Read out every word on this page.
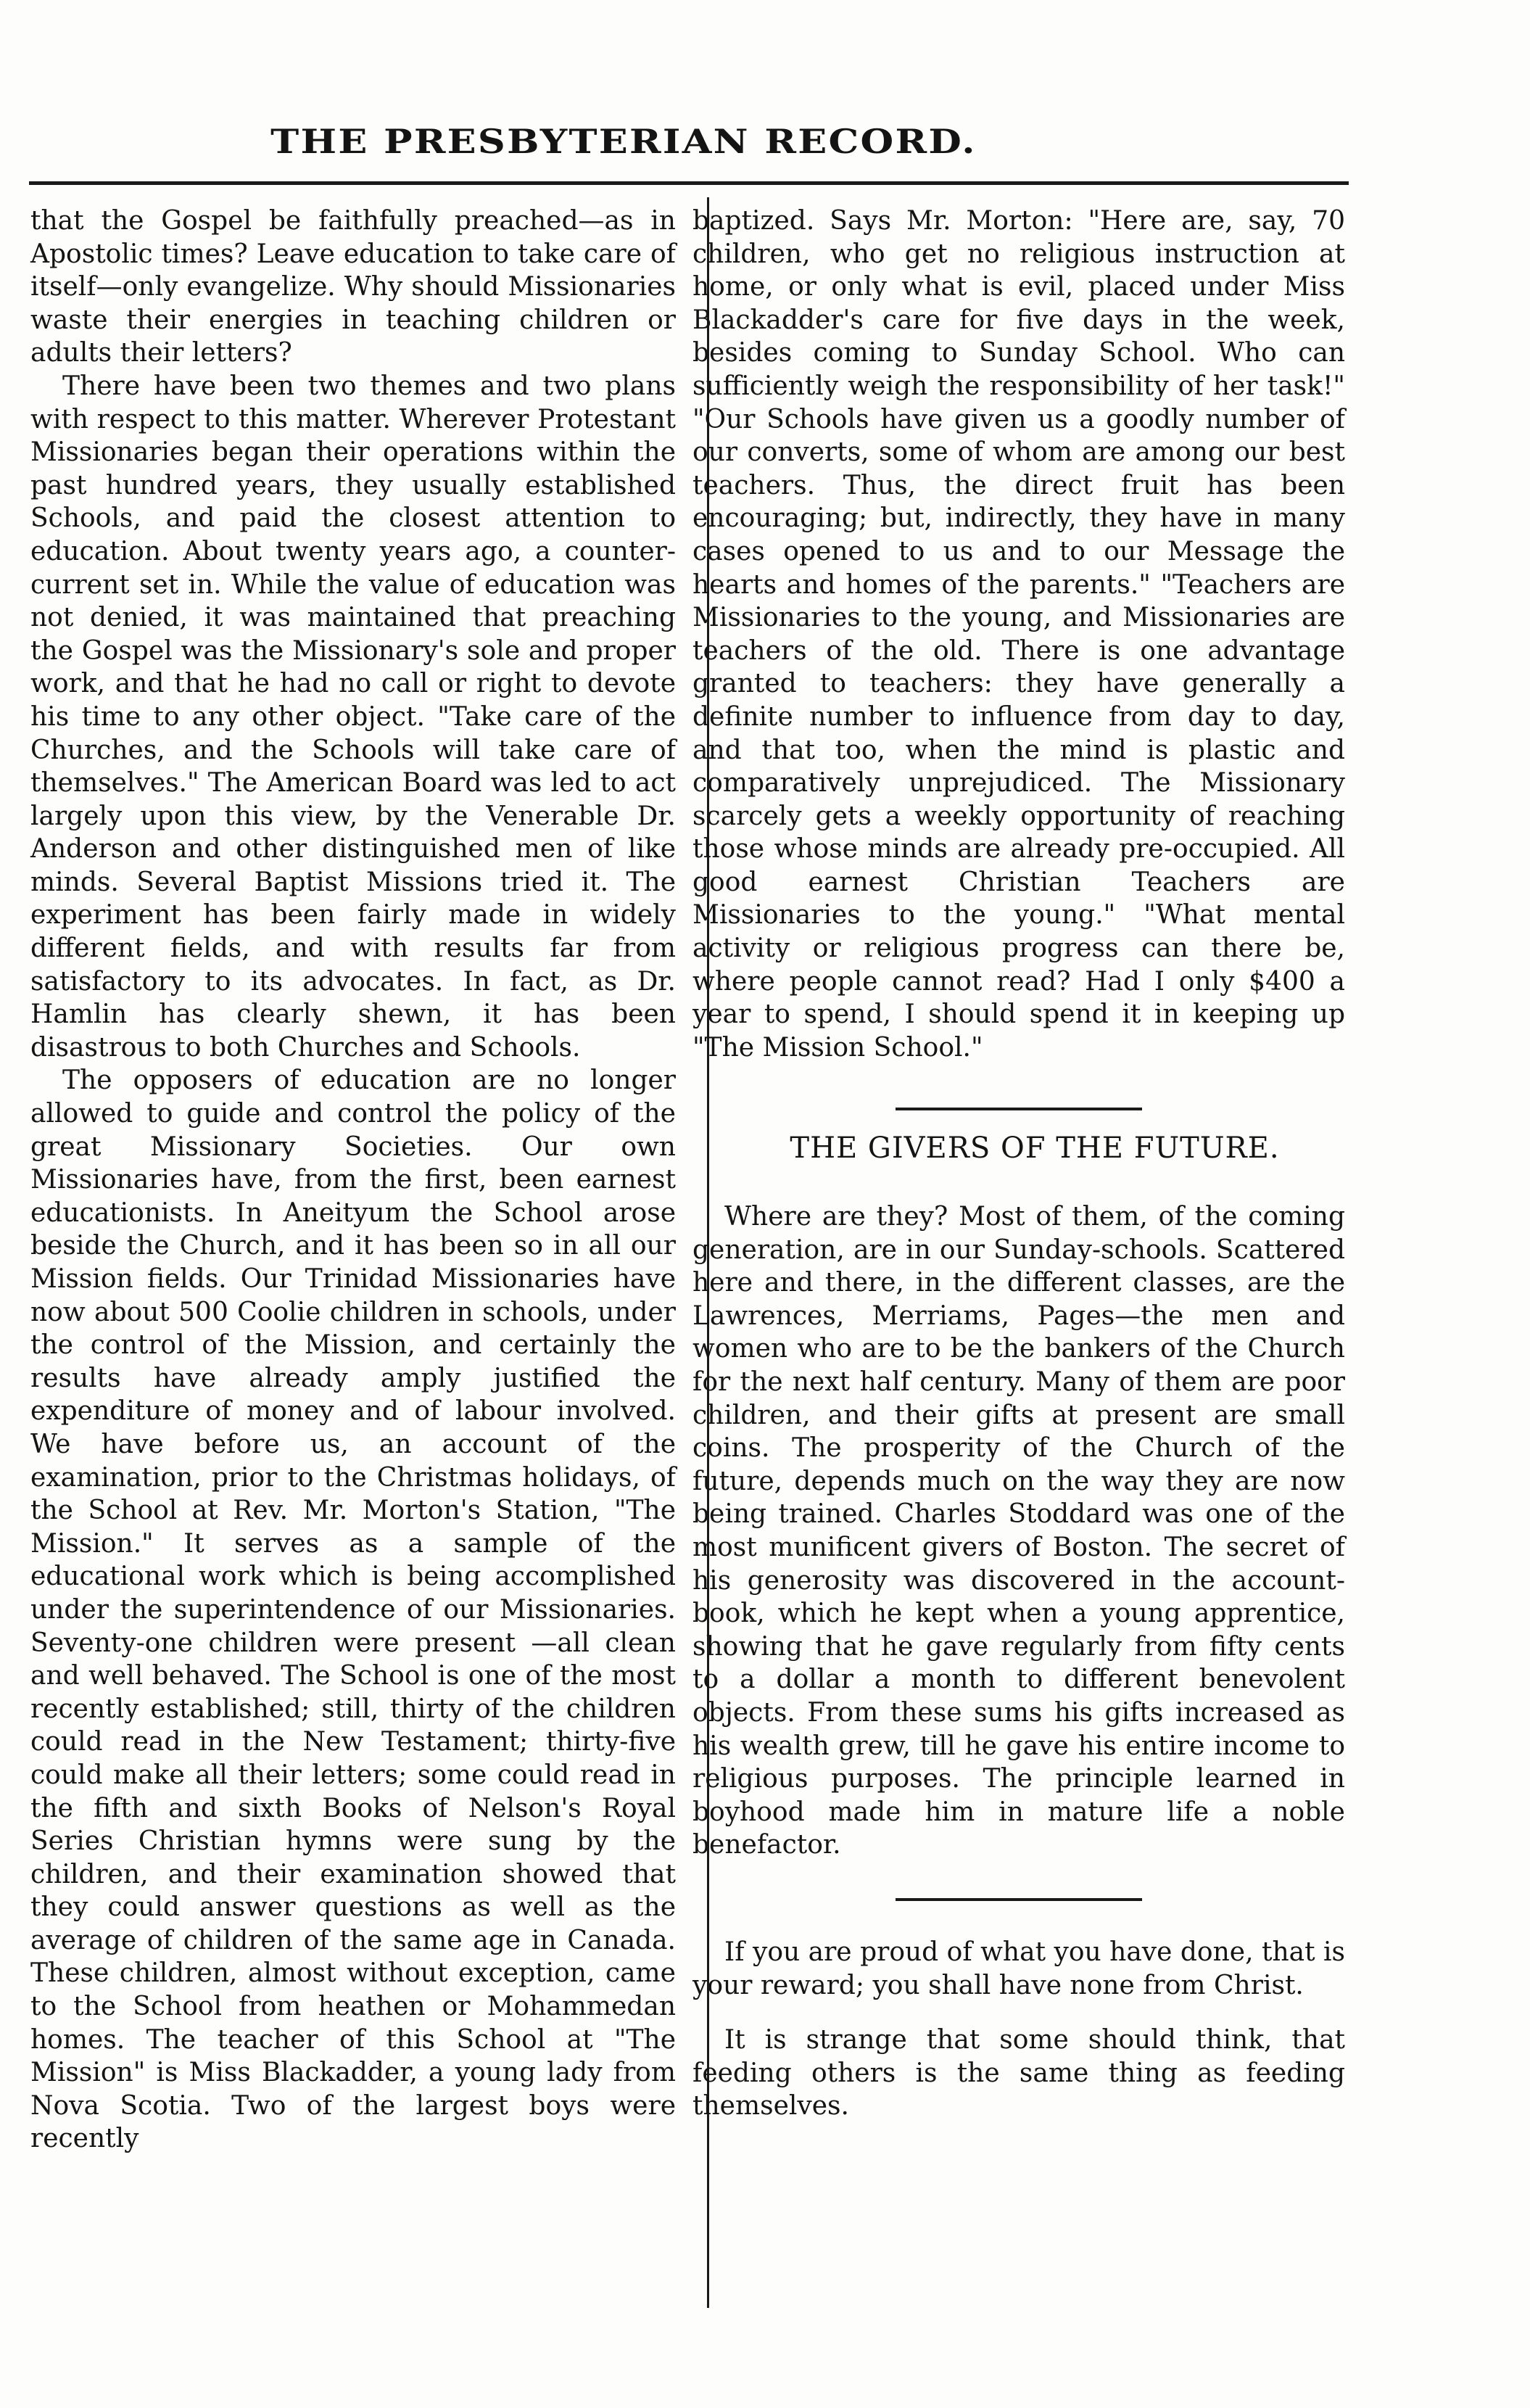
THE PRESBYTERIAN RECORD.

that the Gospel be faithfully preached—as in Apostolic times? Leave education to take care of itself—only evangelize. Why should Missionaries waste their energies in teaching children or adults their letters?

There have been two themes and two plans with respect to this matter. Wherever Protestant Missionaries began their operations within the past hundred years, they usually established Schools, and paid the closest attention to education. About twenty years ago, a counter-current set in. While the value of education was not denied, it was maintained that preaching the Gospel was the Missionary's sole and proper work, and that he had no call or right to devote his time to any other object. "Take care of the Churches, and the Schools will take care of themselves." The American Board was led to act largely upon this view, by the Venerable Dr. Anderson and other distinguished men of like minds. Several Baptist Missions tried it. The experiment has been fairly made in widely different fields, and with results far from satisfactory to its advocates. In fact, as Dr. Hamlin has clearly shewn, it has been disastrous to both Churches and Schools.

The opposers of education are no longer allowed to guide and control the policy of the great Missionary Societies. Our own Missionaries have, from the first, been earnest educationists. In Aneityum the School arose beside the Church, and it has been so in all our Mission fields. Our Trinidad Missionaries have now about 500 Coolie children in schools, under the control of the Mission, and certainly the results have already amply justified the expenditure of money and of labour involved. We have before us, an account of the examination, prior to the Christmas holidays, of the School at Rev. Mr. Morton's Station, "The Mission." It serves as a sample of the educational work which is being accomplished under the superintendence of our Missionaries. Seventy-one children were present —all clean and well behaved. The School is one of the most recently established; still, thirty of the children could read in the New Testament; thirty-five could make all their letters; some could read in the fifth and sixth Books of Nelson's Royal Series Christian hymns were sung by the children, and their examination showed that they could answer questions as well as the average of children of the same age in Canada. These children, almost without exception, came to the School from heathen or Mohammedan homes. The teacher of this School at "The Mission" is Miss Blackadder, a young lady from Nova Scotia. Two of the largest boys were recently

baptized. Says Mr. Morton: "Here are, say, 70 children, who get no religious instruction at home, or only what is evil, placed under Miss Blackadder's care for five days in the week, besides coming to Sunday School. Who can sufficiently weigh the responsibility of her task!" "Our Schools have given us a goodly number of our converts, some of whom are among our best teachers. Thus, the direct fruit has been encouraging; but, indirectly, they have in many cases opened to us and to our Message the hearts and homes of the parents." "Teachers are Missionaries to the young, and Missionaries are teachers of the old. There is one advantage granted to teachers: they have generally a definite number to influence from day to day, and that too, when the mind is plastic and comparatively unprejudiced. The Missionary scarcely gets a weekly opportunity of reaching those whose minds are already pre-occupied. All good earnest Christian Teachers are Missionaries to the young." "What mental activity or religious progress can there be, where people cannot read? Had I only $400 a year to spend, I should spend it in keeping up "The Mission School."

THE GIVERS OF THE FUTURE.

Where are they? Most of them, of the coming generation, are in our Sunday-schools. Scattered here and there, in the different classes, are the Lawrences, Merriams, Pages—the men and women who are to be the bankers of the Church for the next half century. Many of them are poor children, and their gifts at present are small coins. The prosperity of the Church of the future, depends much on the way they are now being trained. Charles Stoddard was one of the most munificent givers of Boston. The secret of his generosity was discovered in the account-book, which he kept when a young apprentice, showing that he gave regularly from fifty cents to a dollar a month to different benevolent objects. From these sums his gifts increased as his wealth grew, till he gave his entire income to religious purposes. The principle learned in boyhood made him in mature life a noble benefactor.

If you are proud of what you have done, that is your reward; you shall have none from Christ.

It is strange that some should think, that feeding others is the same thing as feeding themselves.
